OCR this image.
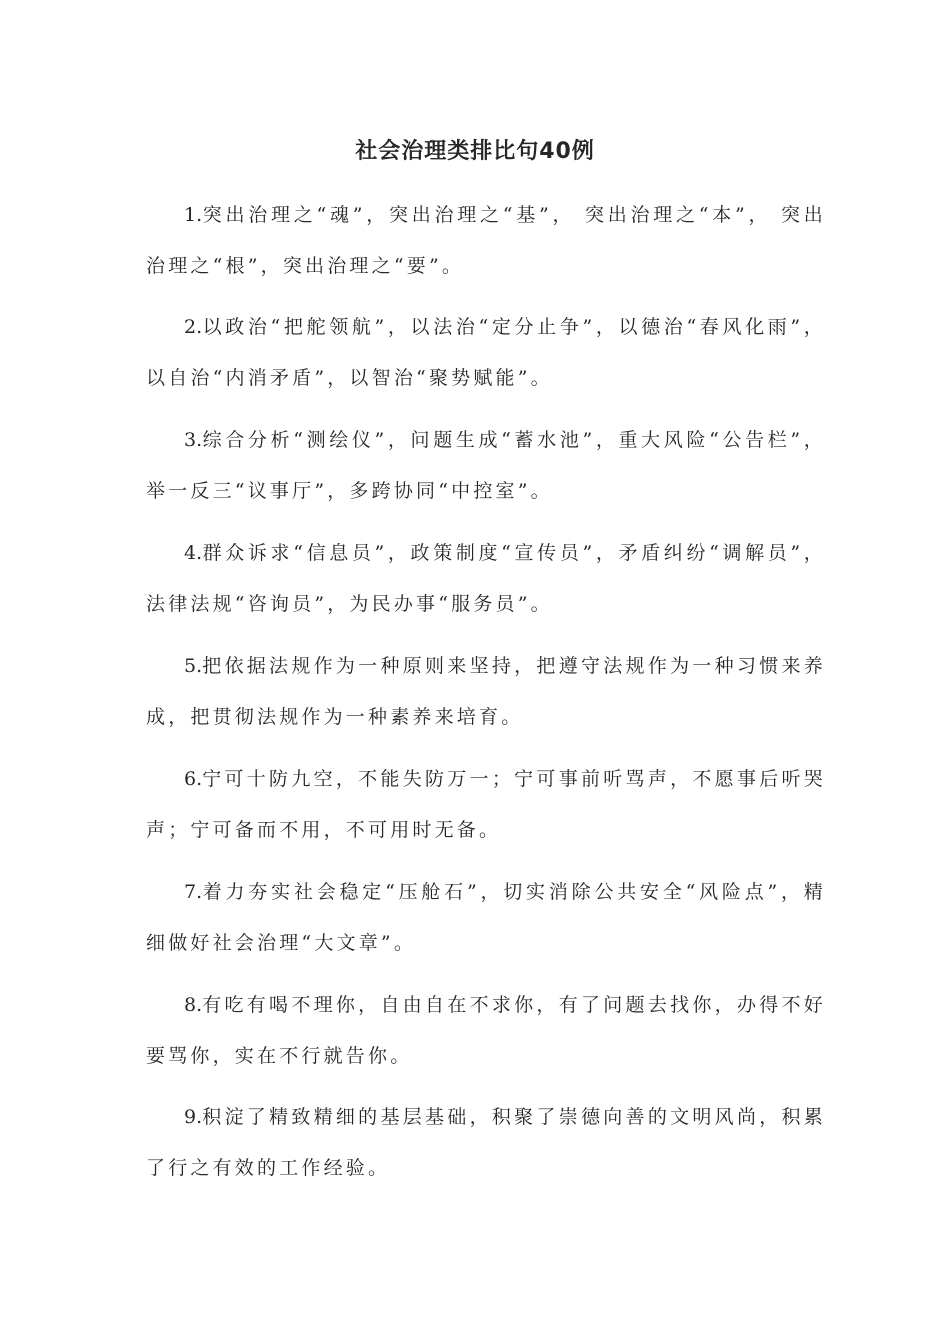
社会治理类排比句40例

1.突出治理之“魂”，突出治理之“基”， 突出治理之“本”， 突出治理之“根”，突出治理之“要”。

2.以政治“把舵领航”，以法治“定分止争”，以德治“春风化雨”，以自治“内消矛盾”，以智治“聚势赋能”。

3.综合分析“测绘仪”，问题生成“蓄水池”，重大风险“公告栏”，举一反三“议事厅”，多跨协同“中控室”。

4.群众诉求“信息员”，政策制度“宣传员”，矛盾纠纷“调解员”，法律法规“咨询员”，为民办事“服务员”。

5.把依据法规作为一种原则来坚持，把遵守法规作为一种习惯来养成，把贯彻法规作为一种素养来培育。

6.宁可十防九空，不能失防万一；宁可事前听骂声，不愿事后听哭声；宁可备而不用，不可用时无备。

7.着力夯实社会稳定“压舱石”，切实消除公共安全“风险点”，精细做好社会治理“大文章”。

8.有吃有喝不理你，自由自在不求你，有了问题去找你，办得不好要骂你，实在不行就告你。

9.积淀了精致精细的基层基础，积聚了崇德向善的文明风尚，积累了行之有效的工作经验。
